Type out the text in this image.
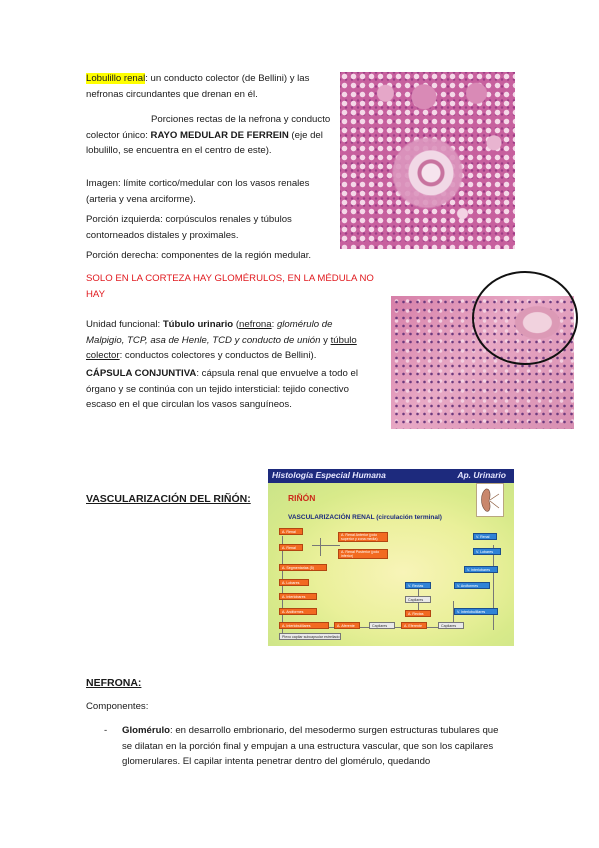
Lobulillo renal: un conducto colector (de Bellini) y las nefronas circundantes que drenan en él.

Porciones rectas de la nefrona y conducto colector único: RAYO MEDULAR DE FERREIN (eje del lobulillo, se encuentra en el centro de este).

Imagen: límite cortico/medular con los vasos renales (arteria y vena arciforme).

Porción izquierda: corpúsculos renales y túbulos contorneados distales y proximales.

Porción derecha: componentes de la región medular.

SOLO EN LA CORTEZA HAY GLOMÉRULOS, EN LA MÉDULA NO HAY

Unidad funcional: Túbulo urinario (nefrona: glomérulo de Malpigio, TCP, asa de Henle, TCD y conducto de unión y túbulo colector: conductos colectores y conductos de Bellini).

CÁPSULA CONJUNTIVA: cápsula renal que envuelve a todo el órgano y se continúa con un tejido intersticial: tejido conectivo escaso en el que circulan los vasos sanguíneos.

VASCULARIZACIÓN DEL RIÑÓN:
Histología Especial Humana	Ap. Urinario
RIÑÓN
VASCULARIZACIÓN RENAL (circulación terminal)
A. Renal
A. Renal Anterior (polo superior y zona media)
A. Renal Posterior (polo inferior)
A. Renal
A. Segmentarias (5)
A. Lobares
A. Interlobares
A. Arciformes
A. Interlobulillares	A. Aferente	Capilares	A. Eferente	Capilares
Plexo capilar subcapsular estrellado
V. Rectas
Capilares
A. Rectas
V. Renal
V. Lobares
V. Interlobares
V. Arciformes
V. Interlobulillares
NEFRONA:

Componentes:

- Glomérulo: en desarrollo embrionario, del mesodermo surgen estructuras tubulares que se dilatan en la porción final y empujan a una estructura vascular, que son los capilares glomerulares. El capilar intenta penetrar dentro del glomérulo, quedando
